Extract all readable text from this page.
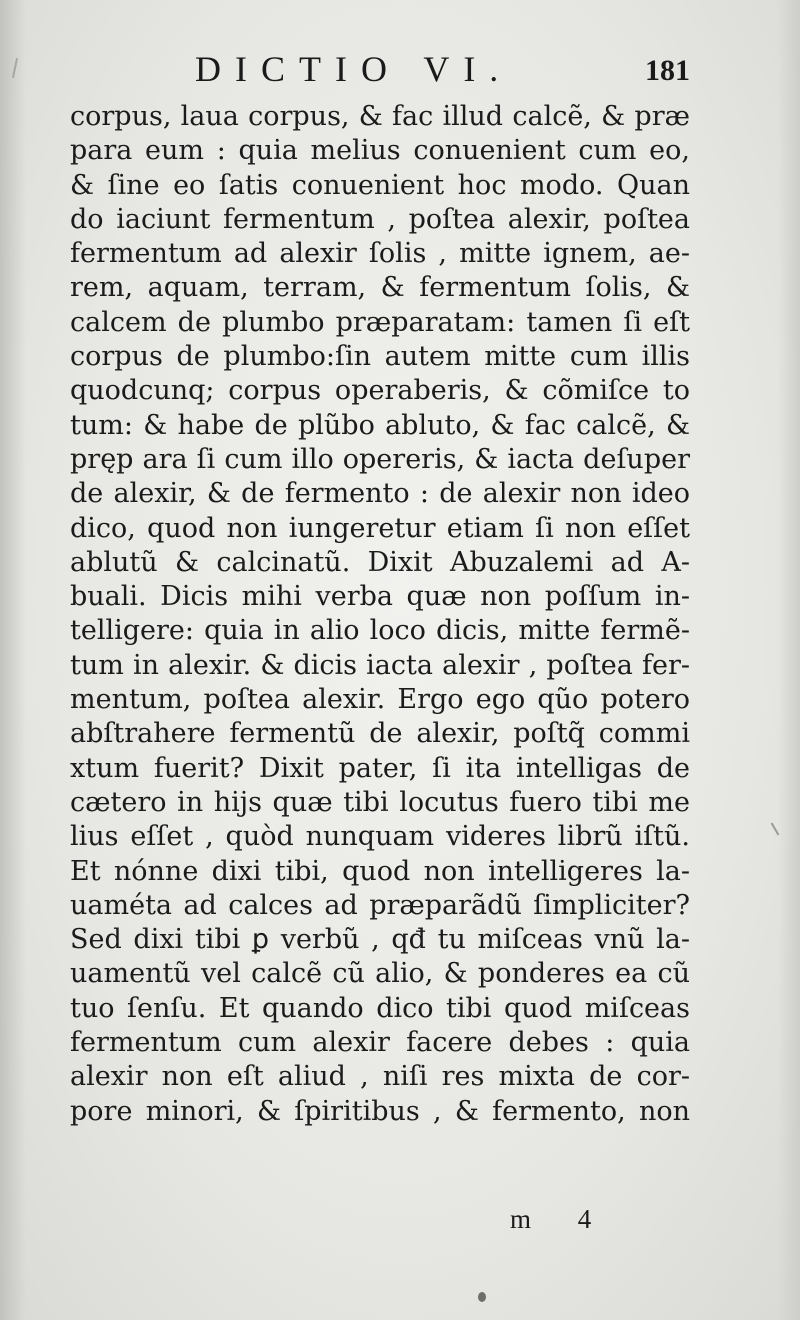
DICTIO VI.	181
corpus, laua corpus, & fac illud calcẽ, & præ
para eum : quia melius conuenient cum eo,
& ſine eo ſatis conuenient hoc modo. Quan
do iaciunt fermentum , poſtea alexir, poſtea
fermentum ad alexir ſolis , mitte ignem, ae-
rem, aquam, terram, & fermentum ſolis, &
calcem de plumbo præparatam: tamen ſi eſt
corpus de plumbo:ſin autem mitte cum illis
quodcunq; corpus operaberis, & cõmiſce to
tum: & habe de plũbo abluto, & fac calcẽ, &
pręp ara ſi cum illo opereris, & iacta deſuper
de alexir, & de fermento : de alexir non ideo
dico, quod non iungeretur etiam ſi non eſſet
ablutũ & calcinatũ. Dixit Abuzalemi ad A-
buali. Dicis mihi verba quæ non poſſum in-
telligere: quia in alio loco dicis, mitte fermẽ-
tum in alexir. & dicis iacta alexir , poſtea fer-
mentum, poſtea alexir. Ergo ego qũo potero
abſtrahere fermentũ de alexir, poſtq̃ commi
xtum fuerit? Dixit pater, ſi ita intelligas de
cætero in hijs quæ tibi locutus fuero tibi me
lius eſſet , quòd nunquam videres librũ iſtũ.
Et nónne dixi tibi, quod non intelligeres la-
uaméta ad calces ad præparãdũ ſimpliciter?
Sed dixi tibi ꝑ verbũ , qđ tu miſceas vnũ la-
uamentũ vel calcẽ cũ alio, & ponderes ea cũ
tuo ſenſu. Et quando dico tibi quod miſceas
fermentum cum alexir facere debes : quia
alexir non eſt aliud , niſi res mixta de cor-
pore minori, & ſpiritibus , & fermento, non
m 4
